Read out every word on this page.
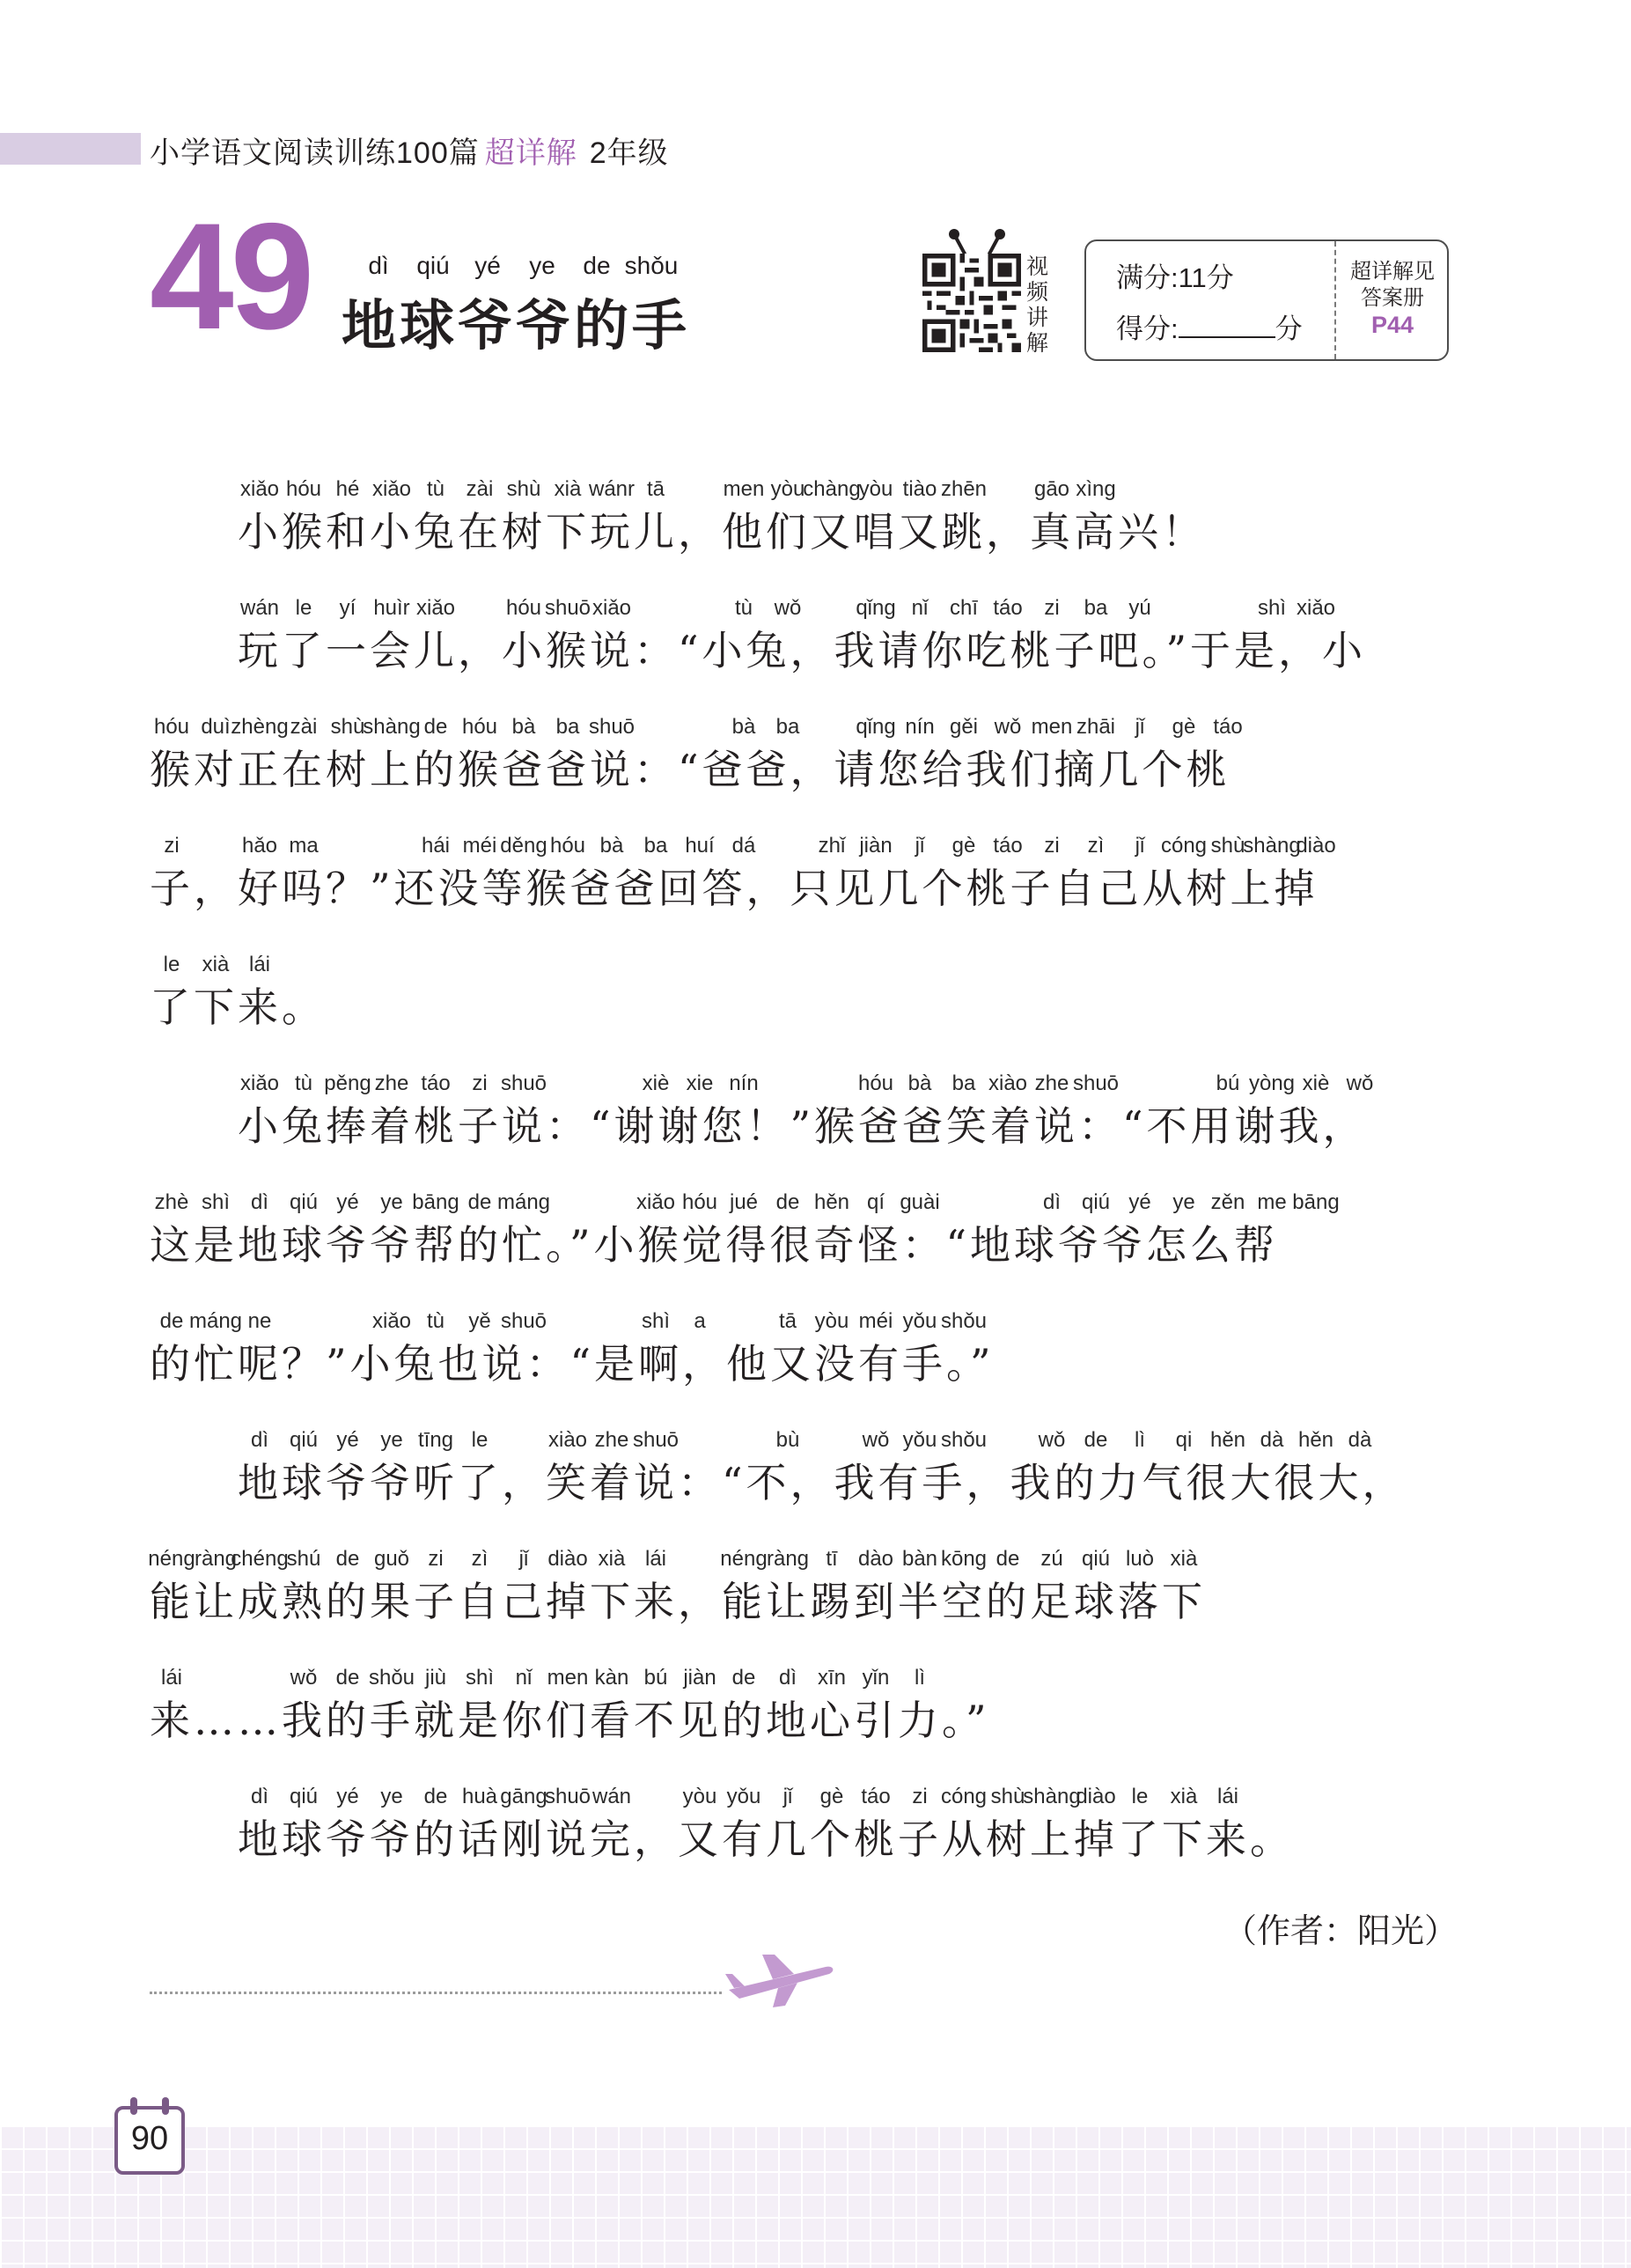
小学语文阅读训练100篇 超详解 2年级
49 dì qiú yé ye de shǒu
地球爷爷的手
视频讲解
满分:11分
得分:	分
超详解见
答案册
P44
xiǎo hóu hé xiǎo tù zài shù xià wánr tā	men yòu
chàng
yòu tiào zhēn gāo xìng
小猴和小兔在树下玩儿，他们又唱又跳，真高兴！
wán le yí huìr xiǎo hóu shuō xiǎo	tù wǒ	qǐng nǐ chī táo zi ba yú	shì xiǎo
玩了一会儿，小猴说：“小兔，我请你吃桃子吧。”于是，小
hóu duì zhèng zài shù
shàng de hóu bà ba shuō	bà ba	qǐng nín gěi wǒ men zhāi jǐ gè táo
猴对正在树上的猴爸爸说：“爸爸，请您给我们摘几个桃
zi	hǎo ma	hái méi děng hóu bà ba huí dá	zhǐ jiàn jǐ gè táo zi zì jǐ cóng shù
shàng
diào
子，好吗？”还没等猴爸爸回答，只见几个桃子自己从树上掉
le xià lái
了下来。
xiǎo tù pěng zhe táo zi shuō	xiè xie nín	hóu bà ba xiào zhe shuō	bú yòng xiè wǒ
小兔捧着桃子说：“谢谢您！”猴爸爸笑着说：“不用谢我，
zhè shì dì qiú yé ye bāng de máng	xiǎo hóu jué de hěn qí guài	dì qiú yé ye zěn me bāng
这是地球爷爷帮的忙。”小猴觉得很奇怪：“地球爷爷怎么帮
de máng ne	xiǎo tù yě shuō	shì a	tā yòu méi yǒu shǒu
的忙呢？”小兔也说：“是啊，他又没有手。”
dì qiú yé ye tīng le	xiào zhe shuō	bù	wǒ yǒu shǒu wǒ de lì qi hěn dà hěn dà
地球爷爷听了，笑着说：“不，我有手，我的力气很大很大，
néng ràng
chéng
shú de guǒ zi zì jǐ diào xià lái	néng ràng tī dào bàn kōng de zú qiú luò xià
能让成熟的果子自己掉下来，能让踢到半空的足球落下
lái	wǒ de shǒu jiù shì nǐ men kàn bú jiàn de dì xīn yǐn lì
来……我的手就是你们看不见的地心引力。”
dì qiú yé ye de huà gāng
shuō wán yòu yǒu jǐ gè táo zi cóng shù
shàng
diào le xià lái
地球爷爷的话刚说完，又有几个桃子从树上掉了下来。
（作者：阳光）
90
